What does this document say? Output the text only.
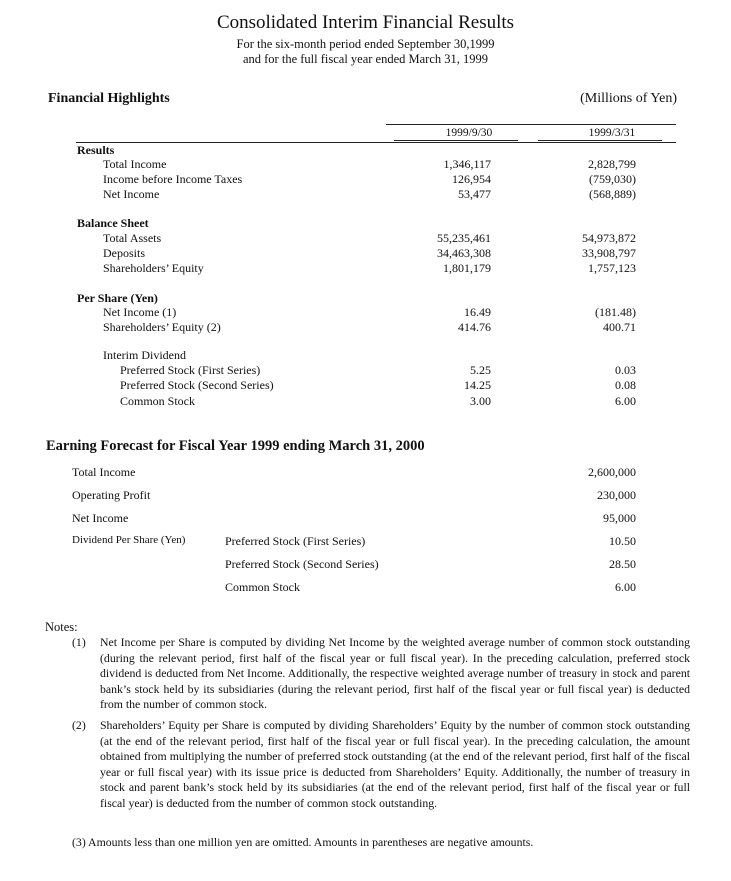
Consolidated Interim Financial Results
For the six-month period ended September 30,1999
and for the full fiscal year ended March 31, 1999
Financial Highlights	(Millions of Yen)
1999/9/30	1999/3/31
Results
Total Income	1,346,117	2,828,799
Income before Income Taxes	126,954	(759,030)
Net Income	53,477	(568,889)
Balance Sheet
Total Assets	55,235,461	54,973,872
Deposits	34,463,308	33,908,797
Shareholders’ Equity	1,801,179	1,757,123
Per Share (Yen)
Net Income (1)	16.49	(181.48)
Shareholders’ Equity (2)	414.76	400.71
Interim Dividend
Preferred Stock (First Series)	5.25	0.03
Preferred Stock (Second Series)	14.25	0.08
Common Stock	3.00	6.00
Earning Forecast for Fiscal Year 1999 ending March 31, 2000
Total Income	2,600,000
Operating Profit	230,000
Net Income	95,000
Dividend Per Share (Yen)	Preferred Stock (First Series)	10.50
Preferred Stock (Second Series)	28.50
Common Stock	6.00
Notes:
(1) Net Income per Share is computed by dividing Net Income by the weighted average number of common stock outstanding (during the relevant period, first half of the fiscal year or full fiscal year). In the preceding calculation, preferred stock dividend is deducted from Net Income. Additionally, the respective weighted average number of treasury in stock and parent bank’s stock held by its subsidiaries (during the relevant period, first half of the fiscal year or full fiscal year) is deducted from the number of common stock.
(2) Shareholders’ Equity per Share is computed by dividing Shareholders’ Equity by the number of common stock outstanding (at the end of the relevant period, first half of the fiscal year or full fiscal year). In the preceding calculation, the amount obtained from multiplying the number of preferred stock outstanding (at the end of the relevant period, first half of the fiscal year or full fiscal year) with its issue price is deducted from Shareholders’ Equity. Additionally, the number of treasury in stock and parent bank’s stock held by its subsidiaries (at the end of the relevant period, first half of the fiscal year or full fiscal year) is deducted from the number of common stock outstanding.
(3) Amounts less than one million yen are omitted. Amounts in parentheses are negative amounts.
